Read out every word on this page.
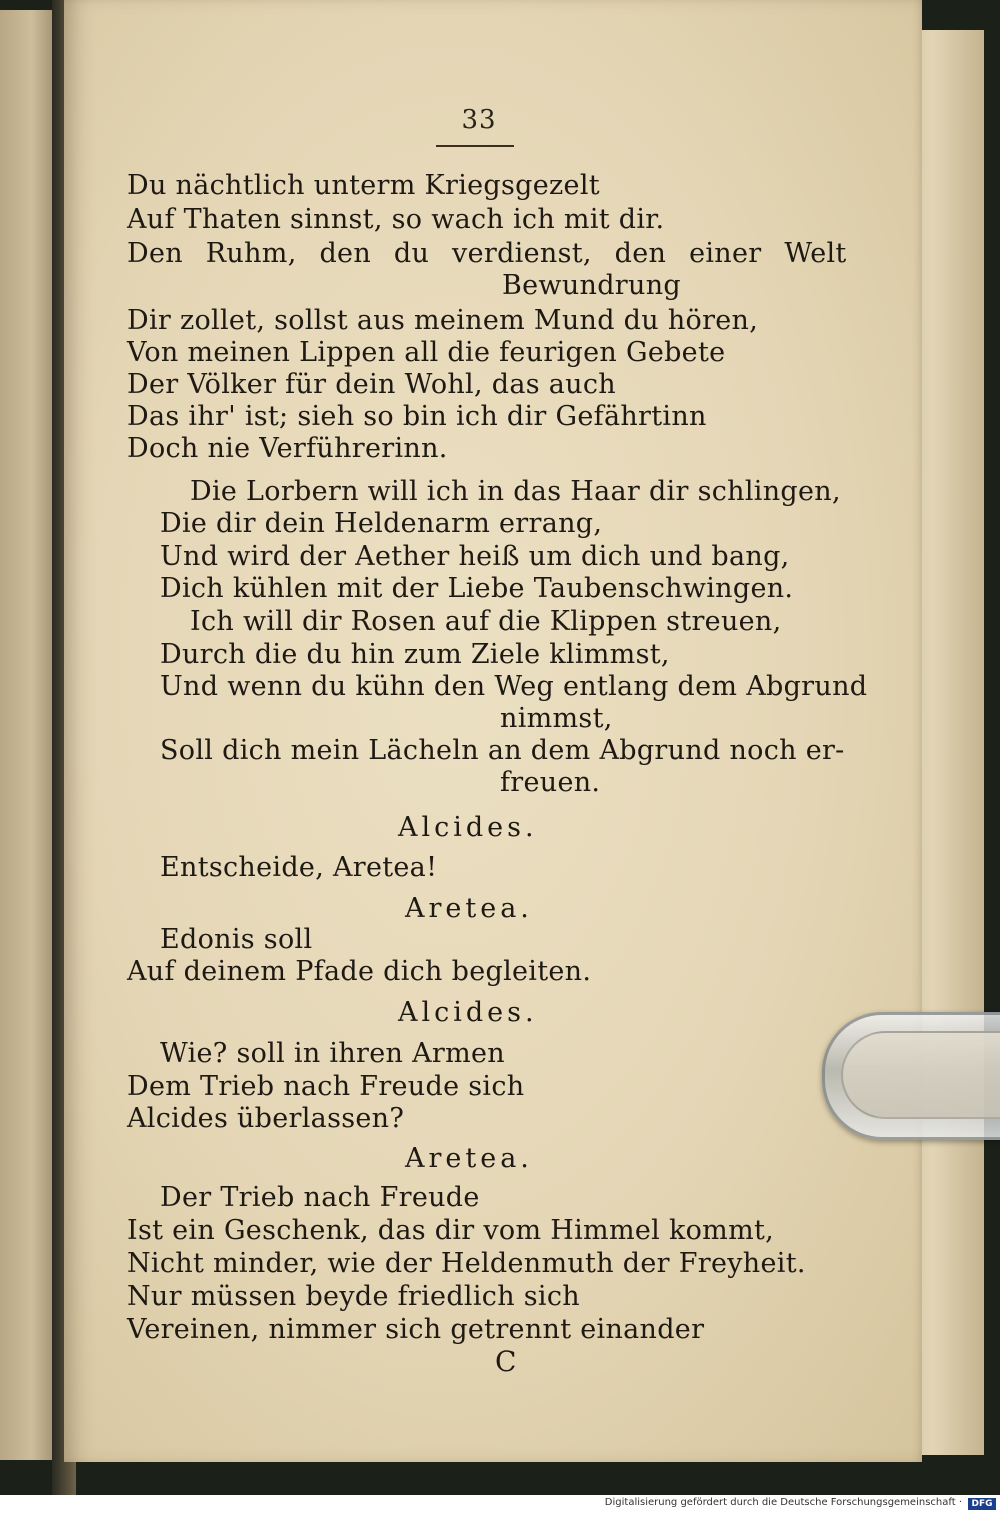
33
Du nächtlich unterm Kriegsgezelt
Auf Thaten sinnst, so wach ich mit dir.
Den Ruhm, den du verdienst, den einer Welt
Bewundrung
Dir zollet, sollst aus meinem Mund du hören,
Von meinen Lippen all die feurigen Gebete
Der Völker für dein Wohl, das auch
Das ihr' ist; sieh so bin ich dir Gefährtinn
Doch nie Verführerinn.
Die Lorbern will ich in das Haar dir schlingen,
Die dir dein Heldenarm errang,
Und wird der Aether heiß um dich und bang,
Dich kühlen mit der Liebe Taubenschwingen.
Ich will dir Rosen auf die Klippen streuen,
Durch die du hin zum Ziele klimmst,
Und wenn du kühn den Weg entlang dem Abgrund
nimmst,
Soll dich mein Lächeln an dem Abgrund noch er-
freuen.
Alcides.
Entscheide, Aretea!
Aretea.
Edonis soll
Auf deinem Pfade dich begleiten.
Alcides.
Wie? soll in ihren Armen
Dem Trieb nach Freude sich
Alcides überlassen?
Aretea.
Der Trieb nach Freude
Ist ein Geschenk, das dir vom Himmel kommt,
Nicht minder, wie der Heldenmuth der Freyheit.
Nur müssen beyde friedlich sich
Vereinen, nimmer sich getrennt einander
C
Digitalisierung gefördert durch die Deutsche Forschungsgemeinschaft ·	DFG
